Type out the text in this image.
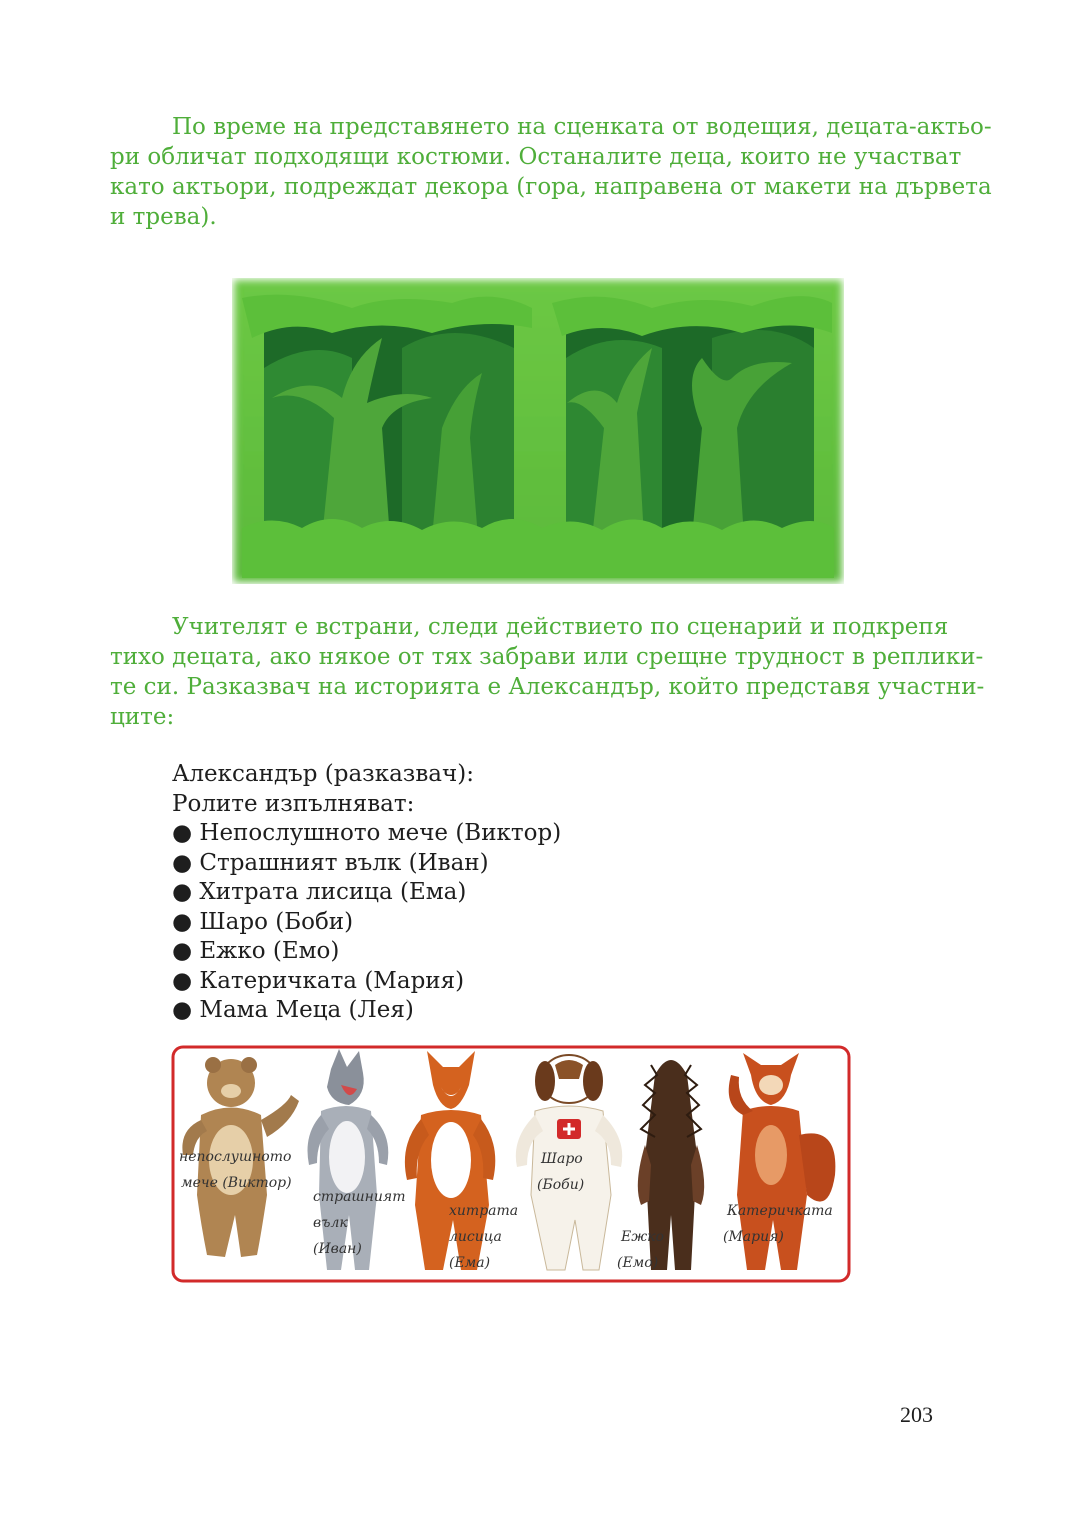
По време на представянето на сценката от водещия, децата-актьо-
ри обличат подходящи костюми. Останалите деца, които не участват
като актьори, подреждат декора (гора, направена от макети на дървета
и трева).
Учителят е встрани, следи действието по сценарий и подкрепя
тихо децата, ако някое от тях забрави или срещне трудност в реплики-
те си. Разказвач на историята е Александър, който представя участни-
ците:
Александър (разказвач):
Ролите изпълняват:
● Непослушното мече (Виктор)
● Страшният вълк (Иван)
● Хитрата лисица (Ема)
● Шаро (Боби)
● Ежко (Емо)
● Катеричката (Мария)
● Мама Меца (Лея)
непослушното
мече (Виктор)
страшният
вълк
(Иван)
хитрата
лисица
(Ема)
Шаро
(Боби)
Ежко
(Емо)
Катеричката
(Мария)
203
